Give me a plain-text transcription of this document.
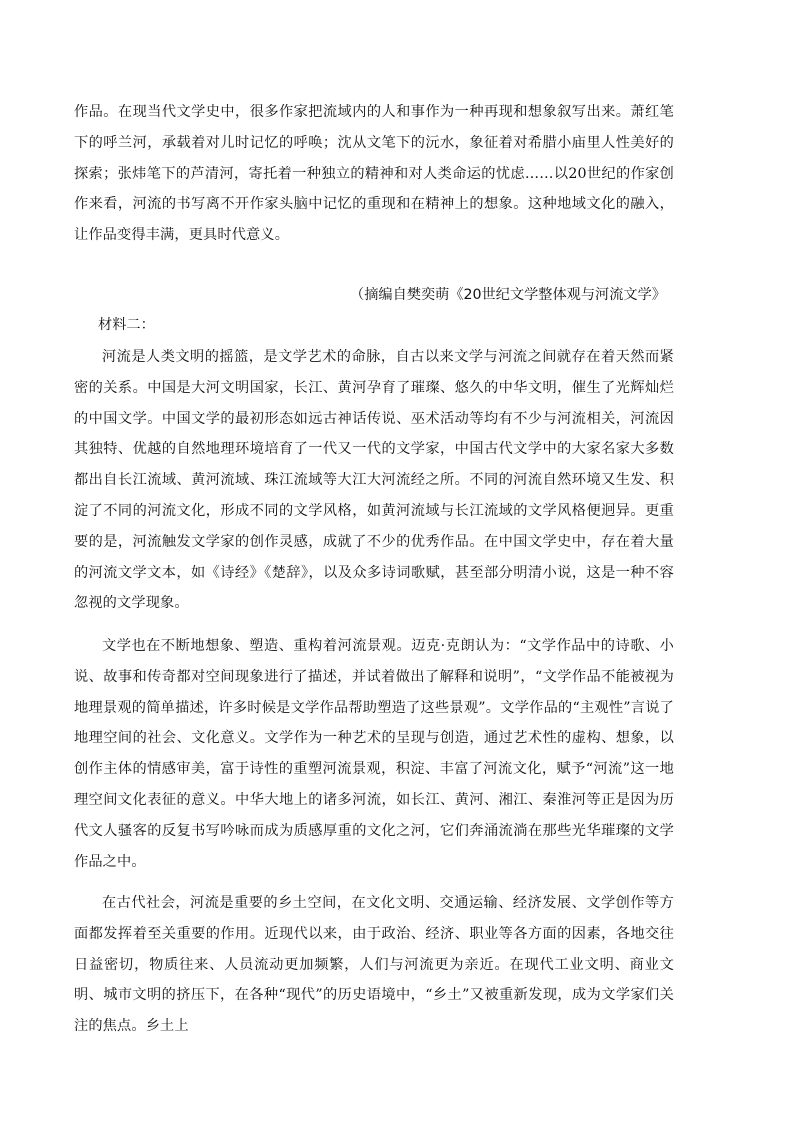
作品。在现当代文学史中，很多作家把流域内的人和事作为一种再现和想象叙写出来。萧红笔下的呼兰河，承载着对儿时记忆的呼唤；沈从文笔下的沅水，象征着对希腊小庙里人性美好的探索；张炜笔下的芦清河，寄托着一种独立的精神和对人类命运的忧虑……以20世纪的作家创作来看，河流的书写离不开作家头脑中记忆的重现和在精神上的想象。这种地域文化的融入，让作品变得丰满，更具时代意义。
（摘编自樊奕萌《20世纪文学整体观与河流文学》
材料二：
河流是人类文明的摇篮，是文学艺术的命脉，自古以来文学与河流之间就存在着天然而紧密的关系。中国是大河文明国家，长江、黄河孕育了璀璨、悠久的中华文明，催生了光辉灿烂的中国文学。中国文学的最初形态如远古神话传说、巫术活动等均有不少与河流相关，河流因其独特、优越的自然地理环境培育了一代又一代的文学家，中国古代文学中的大家名家大多数都出自长江流域、黄河流域、珠江流域等大江大河流经之所。不同的河流自然环境又生发、积淀了不同的河流文化，形成不同的文学风格，如黄河流域与长江流域的文学风格便迥异。更重要的是，河流触发文学家的创作灵感，成就了不少的优秀作品。在中国文学史中，存在着大量的河流文学文本，如《诗经》《楚辞》，以及众多诗词歌赋，甚至部分明清小说，这是一种不容忽视的文学现象。
文学也在不断地想象、塑造、重构着河流景观。迈克·克朗认为：“文学作品中的诗歌、小说、故事和传奇都对空间现象进行了描述，并试着做出了解释和说明”，“文学作品不能被视为地理景观的简单描述，许多时候是文学作品帮助塑造了这些景观”。文学作品的“主观性”言说了地理空间的社会、文化意义。文学作为一种艺术的呈现与创造，通过艺术性的虚构、想象，以创作主体的情感审美，富于诗性的重塑河流景观，积淀、丰富了河流文化，赋予“河流”这一地理空间文化表征的意义。中华大地上的诸多河流，如长江、黄河、湘江、秦淮河等正是因为历代文人骚客的反复书写吟咏而成为质感厚重的文化之河，它们奔涌流淌在那些光华璀璨的文学作品之中。
在古代社会，河流是重要的乡土空间，在文化文明、交通运输、经济发展、文学创作等方面都发挥着至关重要的作用。近现代以来，由于政治、经济、职业等各方面的因素，各地交往日益密切，物质往来、人员流动更加频繁，人们与河流更为亲近。在现代工业文明、商业文明、城市文明的挤压下，在各种“现代”的历史语境中，“乡土”又被重新发现，成为文学家们关注的焦点。乡土上
